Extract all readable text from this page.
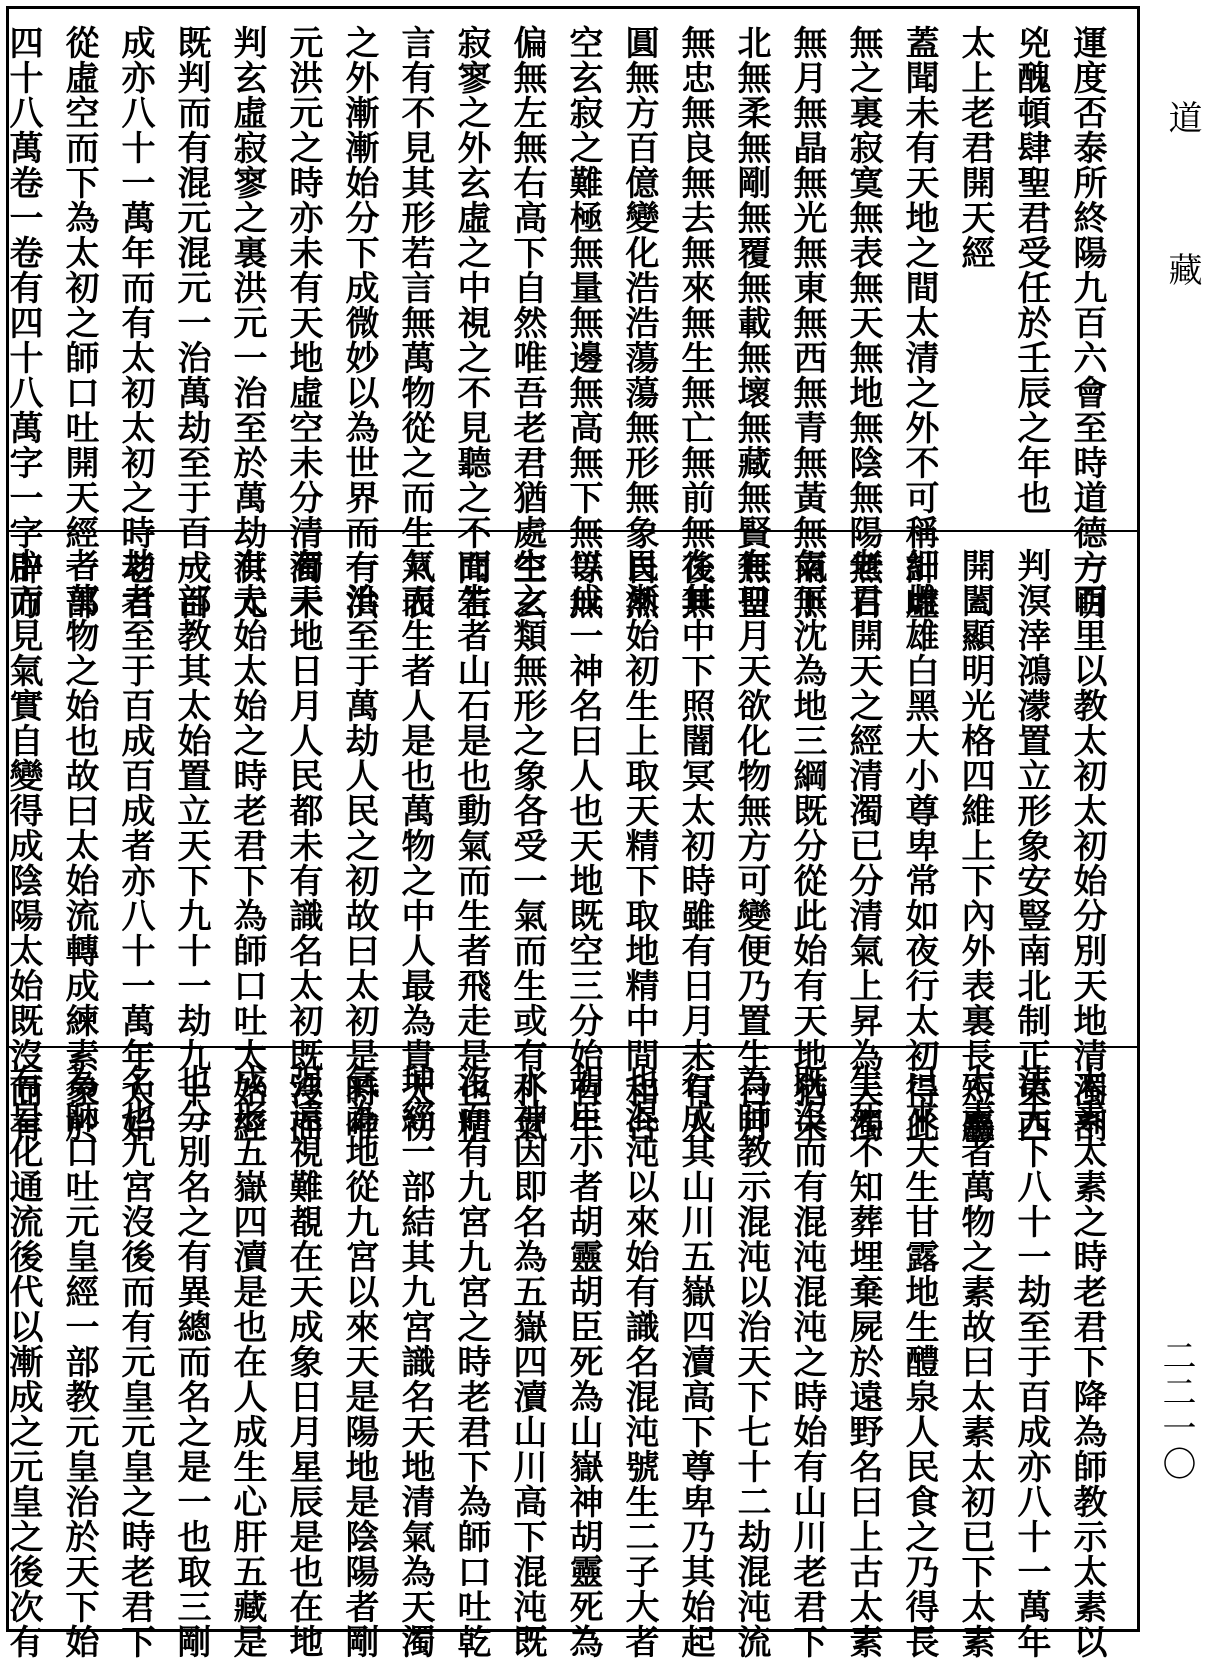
運度否泰所終陽九百六會至時道德方明
兇醜頓肆聖君受任於壬辰之年也
太上老君開天經
蓋聞未有天地之間太清之外不可稱計虛
無之裏寂寞無表無天無地無陰無陽無日
無月無晶無光無東無西無青無黃無南無
北無柔無剛無覆無載無壞無藏無賢無聖
無忠無良無去無來無生無亡無前無後無
圓無方百億變化浩浩蕩蕩無形無象自然
空玄寂之難極無量無邊無高無下無等無
偏無左無右高下自然唯吾老君猶處空玄
寂寥之外玄虛之中視之不見聽之不聞若
言有不見其形若言無萬物從之而生八表
之外漸漸始分下成微妙以為世界而有洪
元洪元之時亦未有天地虛空未分清濁未
判玄虛寂寥之裏洪元一治至於萬劫洪元
既判而有混元混元一治萬劫至于百成百
成亦八十一萬年而有太初太初之時老君
從虛空而下為太初之師口吐開天經一部
四十八萬卷一卷有四十八萬字一字辟方
一百里以教太初太初始分別天地清濁剖
判溟涬鴻濛置立形象安豎南北制正東西
開闔顯明光格四維上下內外表裏長短麤
細雌雄白黑大小尊卑常如夜行太初得此
老君開天之經清濁已分清氣上昇為天濁
氣下沈為地三綱既分從此始有天地猶未
有日月天欲化物無方可變便乃置生日月
在其中下照闇冥太初時雖有日月未有人
民漸始初生上取天精下取地精中間和合
以成一神名曰人也天地既空三分始有生
生之類無形之象各受一氣而生或有朴氣
而生者山石是也動氣而生者飛走是也精
氣而生者人是也萬物之中人最為貴太初
一治至于萬劫人民之初故曰太初是時唯
有天地日月人民都未有識名太初既沒而
有太始太始之時老君下為師口吐太始經
一部教其太始置立天下九十一劫九十一
劫者至于百成百成者亦八十一萬年太始
者萬物之始也故曰太始流轉成練素象於
中而見氣實自變得成陰陽太始既沒而有
太素太素之時老君下降為師教示太素以
法天下八十一劫至于百成亦八十一萬年
太素者萬物之素故曰太素太初已下太素
已來天生甘露地生醴泉人民食之乃得長
生死不知葬埋棄屍於遠野名曰上古太素
既沒而有混沌混沌之時始有山川老君下
為師教示混沌以治天下七十二劫混沌流
行成其山川五嶽四瀆高下尊卑乃其始起
也混沌以來始有識名混沌號生二子大者
胡臣小者胡靈胡臣死為山嶽神胡靈死為
水神因即名為五嶽四瀆山川高下混沌既
沒而有九宮九宮之時老君下為師口吐乾
坤經一部結其九宮識名天地清氣為天濁
氣為地從九宮以來天是陽地是陰陽者剛
强遠視難覩在天成象日月星辰是也在地
成形五嶽四瀆是也在人成生心肝五藏是
也分別名之有異總而名之是一也取三剛
名也九宮沒後而有元皇元皇之時老君下
為師口吐元皇經一部教元皇治於天下始
有皇化通流後代以漸成之元皇之後次有
道
藏
二二一〇
